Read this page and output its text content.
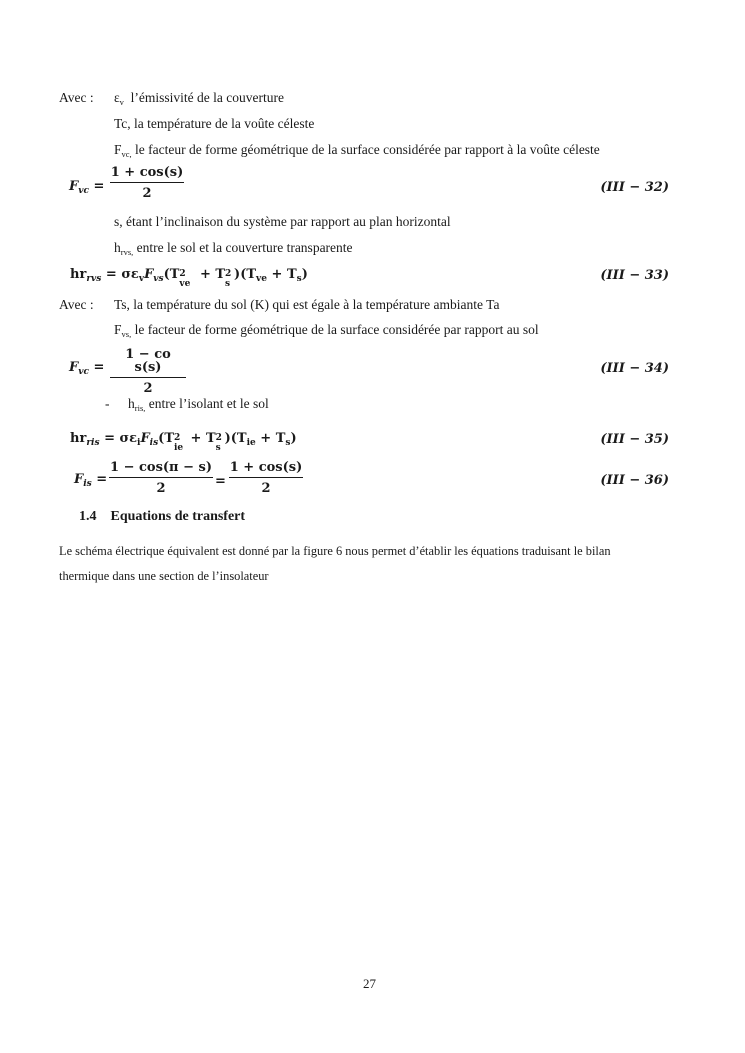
Avec : $\varepsilon_v$ l’émissivité de la couverture
Tc, la température de la voûte céleste
$F_{vc,}$ le facteur de forme géométrique de la surface considérée par rapport à la voûte céleste
$F_{vc}$ =
1 + cos(s)
2	(III − 32)
s, étant l’inclinaison du système par rapport au plan horizontal
$h_{rvs,}$ entre le sol et la couverture transparente
$hr_{rvs} = \sigma\varepsilon_vF_{vs}(T$ 2
ve
+ T 2
s
)$(T_{ve} + T_s)$	(III − 33)
Avec : Ts, la température du sol (K) qui est égale à la température ambiante Ta
$F_{vs,}$ le facteur de forme géométrique de la surface considérée par rapport au sol
$F_{vc}$ =
1 − co s(s)
2
(III − 34)
- $h_{ris,}$ entre l’isolant et le sol
$hr_{ris} = \sigma\varepsilon_iF_{is}(T$ 2
ie
+ T 2
s
)$(T_{ie} + T_s)$	(III − 35)
$F_{is}$ =
1 − cos(π − s)
2	=
1 + cos(s)
2
(III − 36)
1.4 Equations de transfert
Le schéma électrique équivalent est donné par la figure 6 nous permet d’établir les équations traduisant le bilan
thermique dans une section de l’insolateur
27
